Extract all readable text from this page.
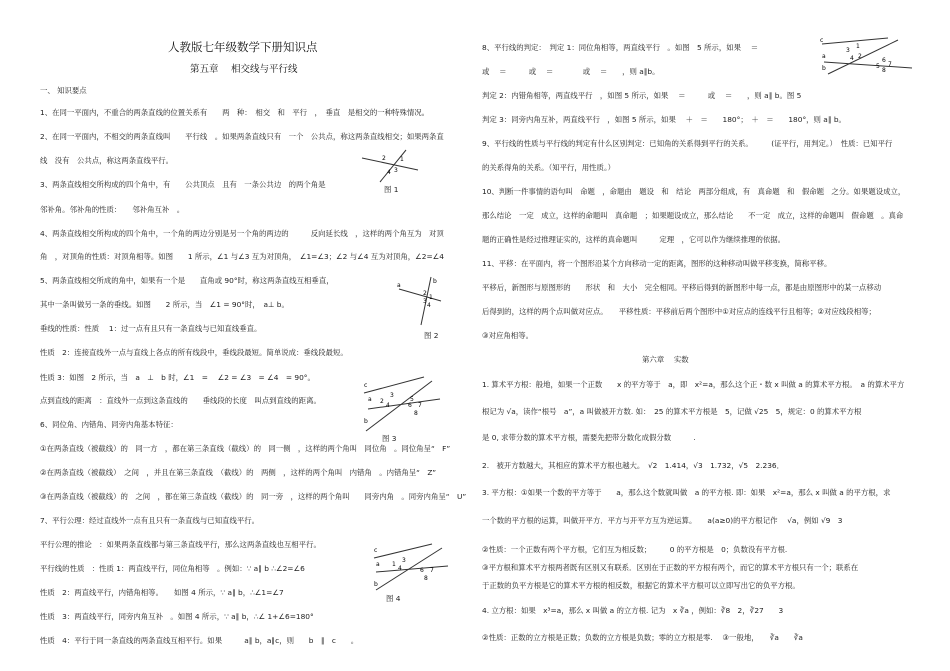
人教版七年级数学下册知识点
第五章　 相交线与平行线
一、 知识要点
1、在同一平面内，不重合的两条直线的位置关系有　　两　种：　相交　和　平行　，　垂直　是相交的一种特殊情况。
2、在同一平面内，不相交的两条直线叫　　平行线　。如果两条直线只有　一个　公共点，称这两条直线相交；如果两条直
线　没有　公共点，称这两条直线平行。
3、两条直线相交所构成的四个角中，有　　公共顶点　且有　一条公共边　的两个角是
邻补角。邻补角的性质：　　邻补角互补　。
4、两条直线相交所构成的四个角中，一个角的两边分别是另一个角的两边的　　　反向延长线　，这样的两个角互为　对顶
角　，对顶角的性质：对顶角相等。如图　　1 所示，∠1 与∠3 互为对顶角，　∠1=∠3；∠2 与∠4 互为对顶角，∠2=∠4
5、两条直线相交所成的角中，如果有一个是　　直角或 90°时，称这两条直线互相垂直，
其中一条叫做另一条的垂线。如图　　2 所示，当　∠1 = 90°时，　a⊥ b。
垂线的性质：性质　 1：过一点有且只有一条直线与已知直线垂直。
性质　2：连接直线外一点与直线上各点的所有线段中，垂线段最短。简单说成：垂线段最短。
性质 3：如图　2 所示，当　a　⊥　b 时，∠1　= 　∠2 = ∠3　= ∠4　= 90°。
点到直线的距离　：直线外一点到这条直线的　　垂线段的长度　叫点到直线的距离。
6、同位角、内错角、同旁内角基本特征：
①在两条直线（被截线）的　同一方　，都在第三条直线（截线）的　同一侧　，这样的两个角叫　同位角　。同位角呈“　F”
②在两条直线（被截线）　之间　，并且在第三条直线　（截线）的　两侧　，这样的两个角叫　内错角　。内错角呈“　Z”
③在两条直线（被截线）的　之间　，都在第三条直线（截线）的　同一旁　，这样的两个角叫　　同旁内角　。同旁内角呈“　U”
7、平行公理：经过直线外一点有且只有一条直线与已知直线平行。
平行公理的推论　：如果两条直线都与第三条直线平行，那么这两条直线也互相平行。
平行线的性质　：性质 1：两直线平行，同位角相等　。例如：∵ a∥ b ∴∠2=∠6
性质　2：两直线平行，内错角相等。　　如图 4 所示，∵ a∥ b，∴∠1=∠7
性质　3：两直线平行，同旁内角互补　。如图 4 所示，∵ a∥ b，∴∠ 1+∠6=180°
性质　4：平行于同一条直线的两条直线互相平行。如果　　　a∥ b，a∥c，则　　b　∥　c　　。
2 1
4 3
图 1
a
b
2
1
3
4
图 2
c
a
b
2
4
3
6 7
8
5
图 3
c
a
b
1
4
3
6 7
8
图 4
8、平行线的判定：　判定 1：同位角相等，两直线平行　。如图　5 所示，如果　 ＝　
或　 ＝　　　或　 ＝　　　　或　 ＝　　，则 a∥b。
判定 2：内错角相等，两直线平行　，如图 5 所示，如果　 ＝　　　或　 ＝　　，则 a∥ b。图 5
判定 3：同旁内角互补，两直线平行　，如图 5 所示，如果　 ＋　＝　　180°；　＋　＝　　180°，则 a∥ b。
9、平行线的性质与平行线的判定有什么区别判定：已知角的关系得到平行的关系。　　　(证平行，用判定。）　性质：已知平行
的关系得角的关系。（知平行，用性质。）
10、判断一件事情的语句叫　命题　，命题由　题设　和　结论　两部分组成，有　真命题　和　假命题　之分。如果题设成立，
那么结论　一定　成立，这样的命题叫　真命题　；如果题设成立，那么结论　　不一定　成立，这样的命题叫　假命题　。真命
题的正确性是经过推理证实的，这样的真命题叫　　　定理　，它可以作为继续推理的依据。
11、平移：在平面内，将一个图形沿某个方向移动一定的距离，图形的这种移动叫做平移变换，简称平移。
平移后，新图形与原图形的　　形状　和　大小　完全相同。平移后得到的新图形中每一点，都是由原图形中的某一点移动
后得到的，这样的两个点叫做对应点。　　平移性质：平移前后两个图形中①对应点的连线平行且相等；②对应线段相等；
③对应角相等。
第六章　 实数
1. 算术平方根：般地，如果一个正数　　x 的平方等于　a，即　x²=a，那么这个正・数 x 叫做 a 的算术平方根。　a 的算术平方
根记为 √a，读作“根号　a”，a 叫做被开方数. 如：　25 的算术平方根是　5，记做 √25　5，规定：0 的算术平方根
是 0, 求带分数的算术平方根，需要先把带分数化成假分数　　　.
2.　被开方数越大，其相应的算术平方根也越大。　√2　1.414，√3　1.732，√5　2.236．
3. 平方根：①如果一个数的平方等于　　a，那么这个数就叫做　a 的平方根. 即：如果　x²=a，那么 x 叫做 a 的平方根，求
一个数的平方根的运算，叫做开平方．平方与开平方互为逆运算。　　a(a≥0)的平方根记作　 √a，例如 √9　3
②性质：一个正数有两个平方根，它们互为相反数；　　　0 的平方根是　0；负数没有平方根.
③平方根和算术平方根两者既有区别又有联系．区别在于正数的平方根有两个，而它的算术平方根只有一个；联系在
于正数的负平方根是它的算术平方根的相反数，根据它的算术平方根可以立即写出它的负平方根。
4. 立方根：如果　x³=a，那么 x 叫做 a 的立方根. 记为　x ∛a ，例如：∛8　2，∛27　　3
②性质：正数的立方根是正数；负数的立方根是负数；零的立方根是零. 　③一般地，　　∛a　　∛a
c
a
b
3
1
4 2
5
8
7
6
